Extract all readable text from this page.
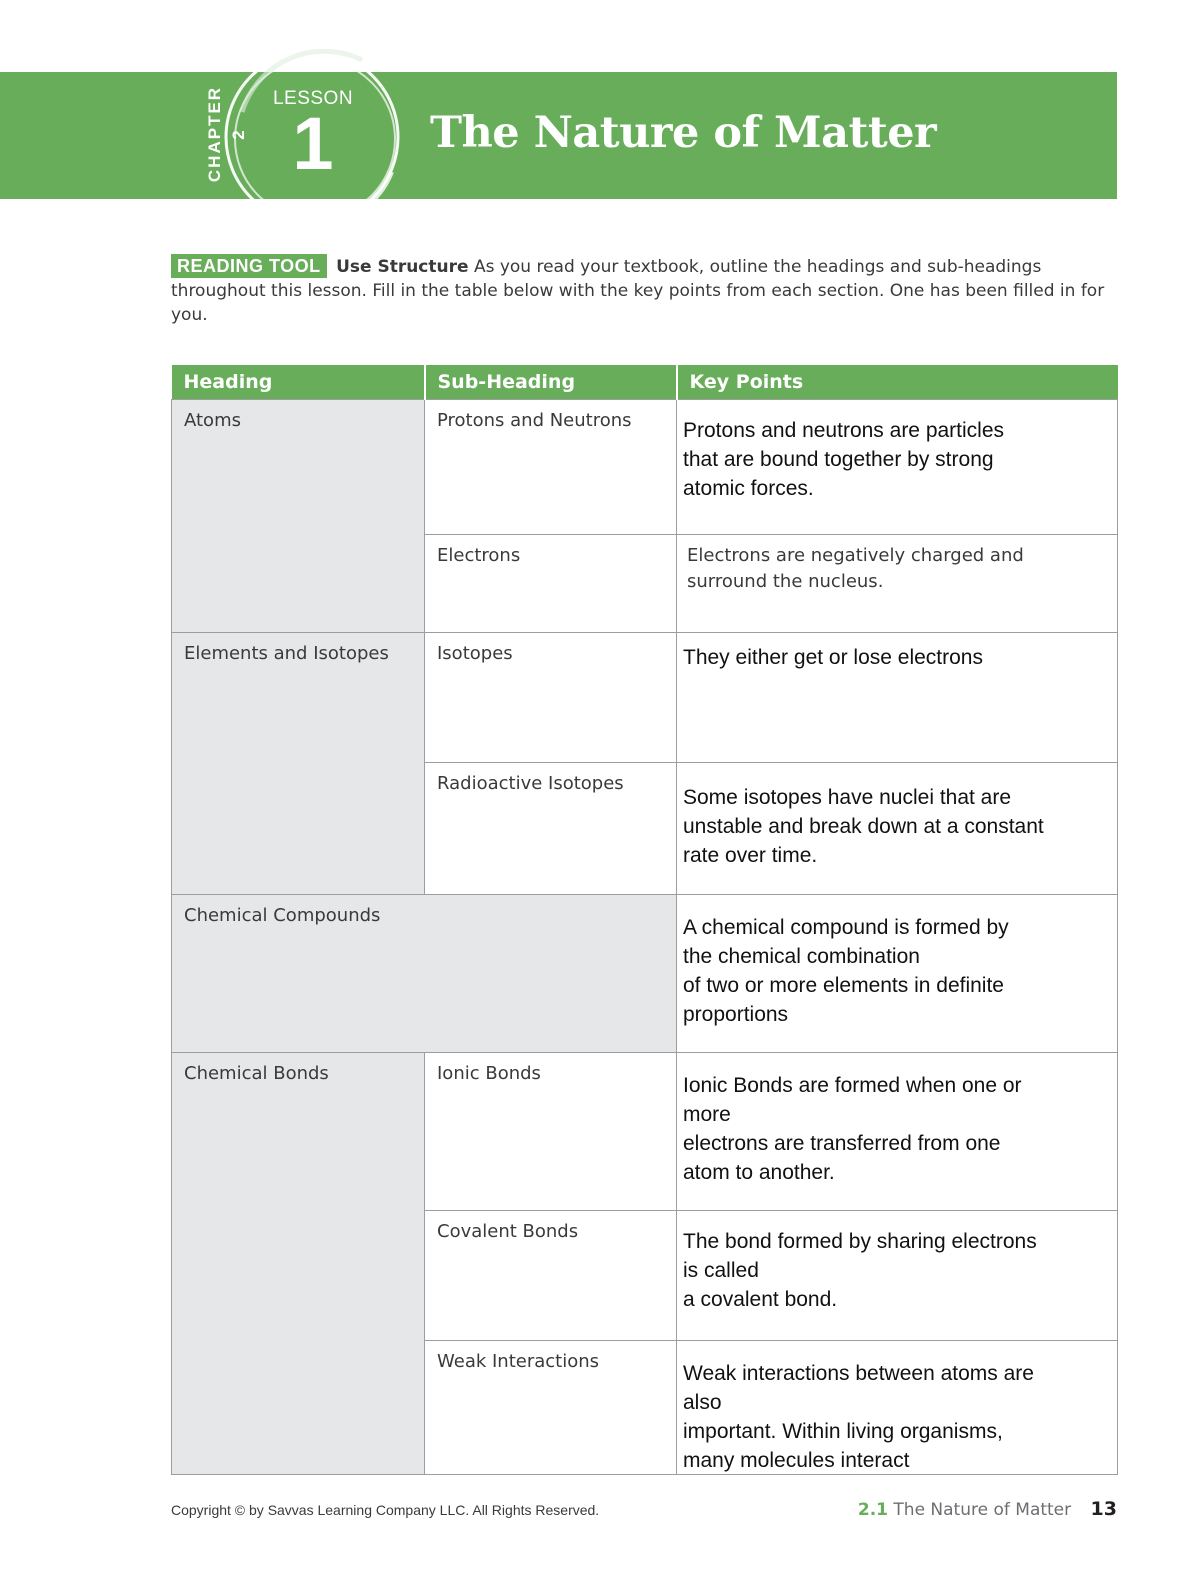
CHAPTER 2
LESSON
1	The Nature of Matter
READING TOOL Use Structure As you read your textbook, outline the headings and sub-headings throughout this lesson. Fill in the table below with the key points from each section. One has been filled in for you.
Heading	Sub-Heading	Key Points

Atoms	Protons and Neutrons	Protons and neutrons are particles
that are bound together by strong
atomic forces.

	Electrons	Electrons are negatively charged and surround the nucleus.

Elements and Isotopes	Isotopes	They either get or lose electrons

	Radioactive Isotopes	Some isotopes have nuclei that are
unstable and break down at a constant
rate over time.

Chemical Compounds		A chemical compound is formed by
the chemical combination
of two or more elements in definite
proportions

Chemical Bonds	Ionic Bonds	Ionic Bonds are formed when one or
more
electrons are transferred from one
atom to another.

	Covalent Bonds	The bond formed by sharing electrons
is called
a covalent bond.

	Weak Interactions	Weak interactions between atoms are
also
important. Within living organisms,
many molecules interact
Copyright © by Savvas Learning Company LLC. All Rights Reserved.	2.1 The Nature of Matter 13
